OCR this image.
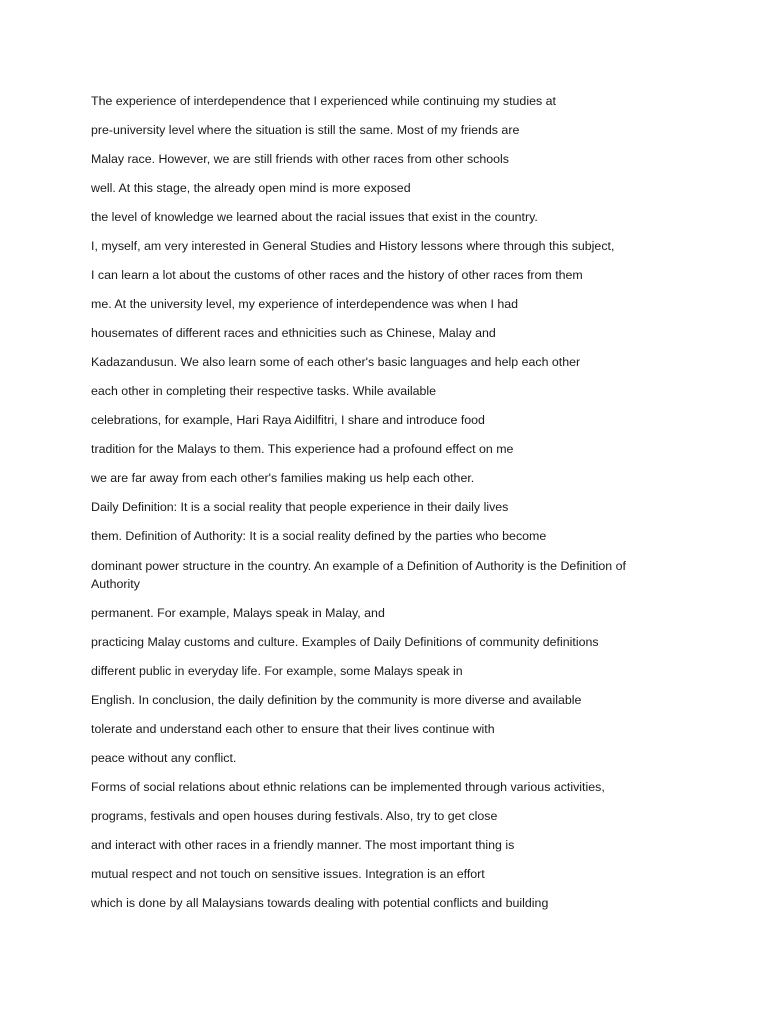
The experience of interdependence that I experienced while continuing my studies at
pre-university level where the situation is still the same. Most of my friends are
Malay race. However, we are still friends with other races from other schools
well. At this stage, the already open mind is more exposed
the level of knowledge we learned about the racial issues that exist in the country.
I, myself, am very interested in General Studies and History lessons where through this subject,
I can learn a lot about the customs of other races and the history of other races from them
me. At the university level, my experience of interdependence was when I had
housemates of different races and ethnicities such as Chinese, Malay and
Kadazandusun. We also learn some of each other's basic languages and help each other
each other in completing their respective tasks. While available
celebrations, for example, Hari Raya Aidilfitri, I share and introduce food
tradition for the Malays to them. This experience had a profound effect on me
we are far away from each other's families making us help each other.
Daily Definition: It is a social reality that people experience in their daily lives
them. Definition of Authority: It is a social reality defined by the parties who become
dominant power structure in the country. An example of a Definition of Authority is the Definition of Authority
permanent. For example, Malays speak in Malay, and
practicing Malay customs and culture. Examples of Daily Definitions of community definitions
different public in everyday life. For example, some Malays speak in
English. In conclusion, the daily definition by the community is more diverse and available
tolerate and understand each other to ensure that their lives continue with
peace without any conflict.
Forms of social relations about ethnic relations can be implemented through various activities,
programs, festivals and open houses during festivals. Also, try to get close
and interact with other races in a friendly manner. The most important thing is
mutual respect and not touch on sensitive issues. Integration is an effort
which is done by all Malaysians towards dealing with potential conflicts and building
